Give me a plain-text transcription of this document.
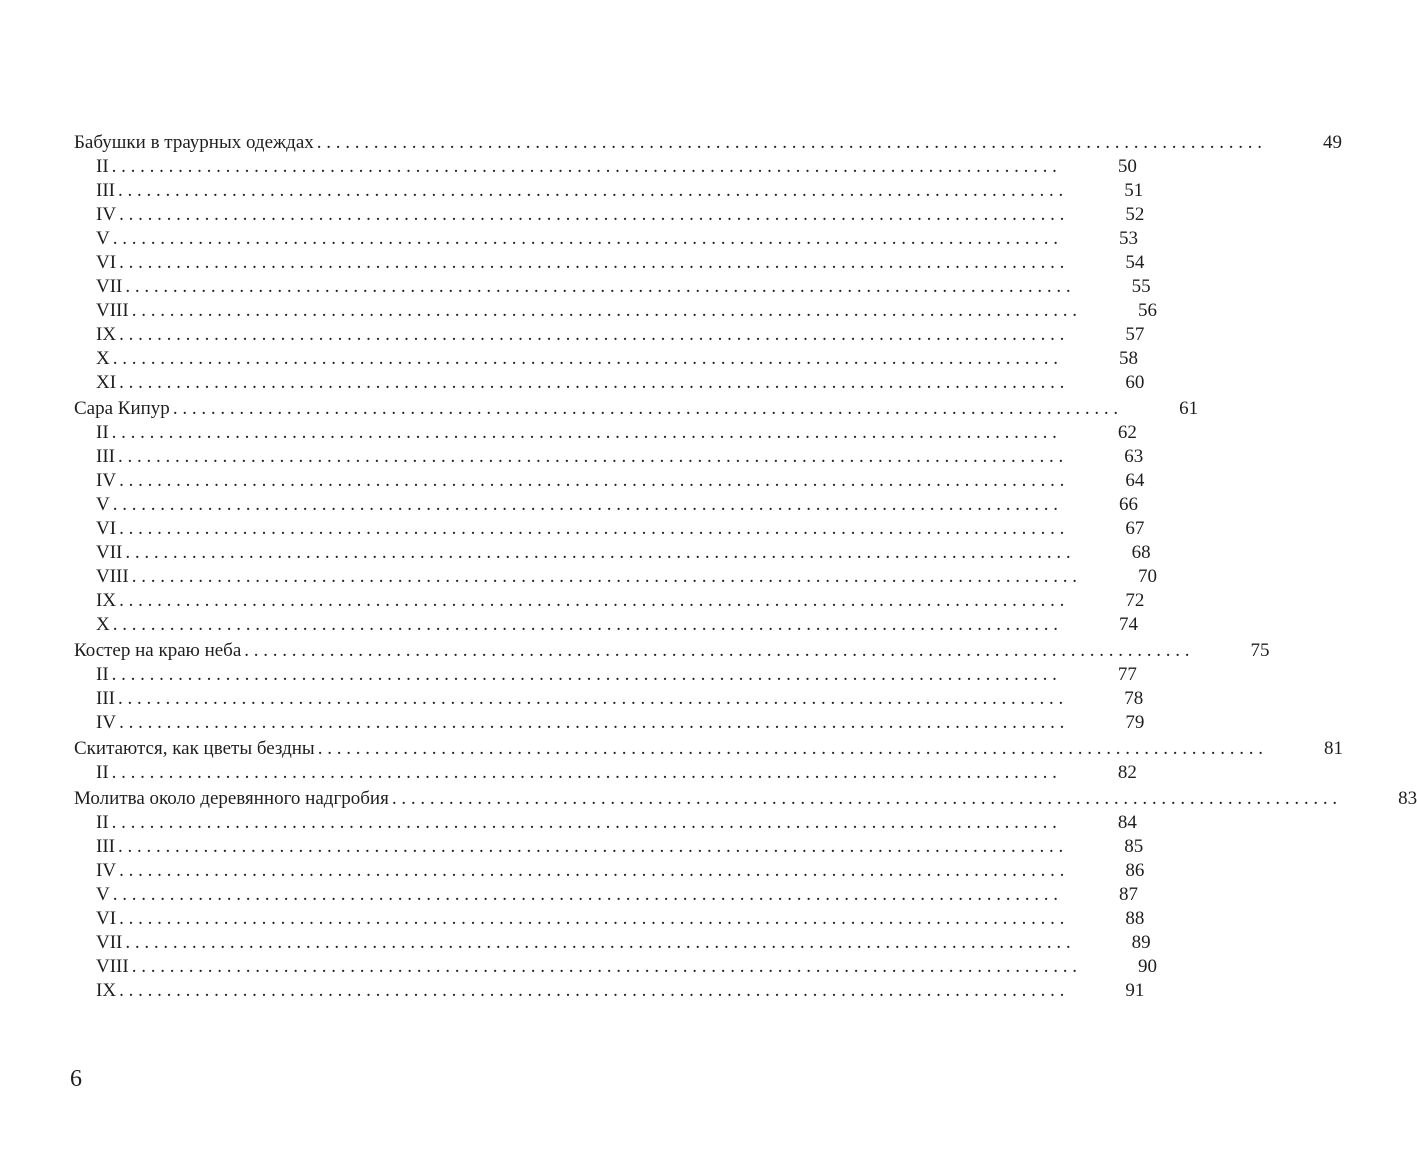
Бабушки в траурных одеждах . . . . . . . . . . . . . . . . . . . . . . . . . . . . . . . . . . . . . . . . . . . . . . . . . . . . . . . . . . . . . . . . . . . . . . . . . . . . . . . . . . . . . . . . . . . . . . . . . . . .	49
II . . . . . . . . . . . . . . . . . . . . . . . . . . . . . . . . . . . . . . . . . . . . . . . . . . . . . . . . . . . . . . . . . . . . . . . . . . . . . . . . . . . . . . . . . . . . . . . . . . . .	50
III . . . . . . . . . . . . . . . . . . . . . . . . . . . . . . . . . . . . . . . . . . . . . . . . . . . . . . . . . . . . . . . . . . . . . . . . . . . . . . . . . . . . . . . . . . . . . . . . . . . .	51
IV . . . . . . . . . . . . . . . . . . . . . . . . . . . . . . . . . . . . . . . . . . . . . . . . . . . . . . . . . . . . . . . . . . . . . . . . . . . . . . . . . . . . . . . . . . . . . . . . . . . .	52
V . . . . . . . . . . . . . . . . . . . . . . . . . . . . . . . . . . . . . . . . . . . . . . . . . . . . . . . . . . . . . . . . . . . . . . . . . . . . . . . . . . . . . . . . . . . . . . . . . . . .	53
VI . . . . . . . . . . . . . . . . . . . . . . . . . . . . . . . . . . . . . . . . . . . . . . . . . . . . . . . . . . . . . . . . . . . . . . . . . . . . . . . . . . . . . . . . . . . . . . . . . . . .	54
VII . . . . . . . . . . . . . . . . . . . . . . . . . . . . . . . . . . . . . . . . . . . . . . . . . . . . . . . . . . . . . . . . . . . . . . . . . . . . . . . . . . . . . . . . . . . . . . . . . . . .	55
VIII . . . . . . . . . . . . . . . . . . . . . . . . . . . . . . . . . . . . . . . . . . . . . . . . . . . . . . . . . . . . . . . . . . . . . . . . . . . . . . . . . . . . . . . . . . . . . . . . . . . .	56
IX . . . . . . . . . . . . . . . . . . . . . . . . . . . . . . . . . . . . . . . . . . . . . . . . . . . . . . . . . . . . . . . . . . . . . . . . . . . . . . . . . . . . . . . . . . . . . . . . . . . .	57
X . . . . . . . . . . . . . . . . . . . . . . . . . . . . . . . . . . . . . . . . . . . . . . . . . . . . . . . . . . . . . . . . . . . . . . . . . . . . . . . . . . . . . . . . . . . . . . . . . . . .	58
XI . . . . . . . . . . . . . . . . . . . . . . . . . . . . . . . . . . . . . . . . . . . . . . . . . . . . . . . . . . . . . . . . . . . . . . . . . . . . . . . . . . . . . . . . . . . . . . . . . . . .	60
Сара Кипур . . . . . . . . . . . . . . . . . . . . . . . . . . . . . . . . . . . . . . . . . . . . . . . . . . . . . . . . . . . . . . . . . . . . . . . . . . . . . . . . . . . . . . . . . . . . . . . . . . . .	61
II . . . . . . . . . . . . . . . . . . . . . . . . . . . . . . . . . . . . . . . . . . . . . . . . . . . . . . . . . . . . . . . . . . . . . . . . . . . . . . . . . . . . . . . . . . . . . . . . . . . .	62
III . . . . . . . . . . . . . . . . . . . . . . . . . . . . . . . . . . . . . . . . . . . . . . . . . . . . . . . . . . . . . . . . . . . . . . . . . . . . . . . . . . . . . . . . . . . . . . . . . . . .	63
IV . . . . . . . . . . . . . . . . . . . . . . . . . . . . . . . . . . . . . . . . . . . . . . . . . . . . . . . . . . . . . . . . . . . . . . . . . . . . . . . . . . . . . . . . . . . . . . . . . . . .	64
V . . . . . . . . . . . . . . . . . . . . . . . . . . . . . . . . . . . . . . . . . . . . . . . . . . . . . . . . . . . . . . . . . . . . . . . . . . . . . . . . . . . . . . . . . . . . . . . . . . . .	66
VI . . . . . . . . . . . . . . . . . . . . . . . . . . . . . . . . . . . . . . . . . . . . . . . . . . . . . . . . . . . . . . . . . . . . . . . . . . . . . . . . . . . . . . . . . . . . . . . . . . . .	67
VII . . . . . . . . . . . . . . . . . . . . . . . . . . . . . . . . . . . . . . . . . . . . . . . . . . . . . . . . . . . . . . . . . . . . . . . . . . . . . . . . . . . . . . . . . . . . . . . . . . . .	68
VIII . . . . . . . . . . . . . . . . . . . . . . . . . . . . . . . . . . . . . . . . . . . . . . . . . . . . . . . . . . . . . . . . . . . . . . . . . . . . . . . . . . . . . . . . . . . . . . . . . . . .	70
IX . . . . . . . . . . . . . . . . . . . . . . . . . . . . . . . . . . . . . . . . . . . . . . . . . . . . . . . . . . . . . . . . . . . . . . . . . . . . . . . . . . . . . . . . . . . . . . . . . . . .	72
X . . . . . . . . . . . . . . . . . . . . . . . . . . . . . . . . . . . . . . . . . . . . . . . . . . . . . . . . . . . . . . . . . . . . . . . . . . . . . . . . . . . . . . . . . . . . . . . . . . . .	74
Костер на краю неба . . . . . . . . . . . . . . . . . . . . . . . . . . . . . . . . . . . . . . . . . . . . . . . . . . . . . . . . . . . . . . . . . . . . . . . . . . . . . . . . . . . . . . . . . . . . . . . . . . . .	75
II . . . . . . . . . . . . . . . . . . . . . . . . . . . . . . . . . . . . . . . . . . . . . . . . . . . . . . . . . . . . . . . . . . . . . . . . . . . . . . . . . . . . . . . . . . . . . . . . . . . .	77
III . . . . . . . . . . . . . . . . . . . . . . . . . . . . . . . . . . . . . . . . . . . . . . . . . . . . . . . . . . . . . . . . . . . . . . . . . . . . . . . . . . . . . . . . . . . . . . . . . . . .	78
IV . . . . . . . . . . . . . . . . . . . . . . . . . . . . . . . . . . . . . . . . . . . . . . . . . . . . . . . . . . . . . . . . . . . . . . . . . . . . . . . . . . . . . . . . . . . . . . . . . . . .	79
Скитаются, как цветы бездны . . . . . . . . . . . . . . . . . . . . . . . . . . . . . . . . . . . . . . . . . . . . . . . . . . . . . . . . . . . . . . . . . . . . . . . . . . . . . . . . . . . . . . . . . . . . . . . . . . . .	81
II . . . . . . . . . . . . . . . . . . . . . . . . . . . . . . . . . . . . . . . . . . . . . . . . . . . . . . . . . . . . . . . . . . . . . . . . . . . . . . . . . . . . . . . . . . . . . . . . . . . .	82
Молитва около деревянного надгробия . . . . . . . . . . . . . . . . . . . . . . . . . . . . . . . . . . . . . . . . . . . . . . . . . . . . . . . . . . . . . . . . . . . . . . . . . . . . . . . . . . . . . . . . . . . . . . . . . . . .	83
II . . . . . . . . . . . . . . . . . . . . . . . . . . . . . . . . . . . . . . . . . . . . . . . . . . . . . . . . . . . . . . . . . . . . . . . . . . . . . . . . . . . . . . . . . . . . . . . . . . . .	84
III . . . . . . . . . . . . . . . . . . . . . . . . . . . . . . . . . . . . . . . . . . . . . . . . . . . . . . . . . . . . . . . . . . . . . . . . . . . . . . . . . . . . . . . . . . . . . . . . . . . .	85
IV . . . . . . . . . . . . . . . . . . . . . . . . . . . . . . . . . . . . . . . . . . . . . . . . . . . . . . . . . . . . . . . . . . . . . . . . . . . . . . . . . . . . . . . . . . . . . . . . . . . .	86
V . . . . . . . . . . . . . . . . . . . . . . . . . . . . . . . . . . . . . . . . . . . . . . . . . . . . . . . . . . . . . . . . . . . . . . . . . . . . . . . . . . . . . . . . . . . . . . . . . . . .	87
VI . . . . . . . . . . . . . . . . . . . . . . . . . . . . . . . . . . . . . . . . . . . . . . . . . . . . . . . . . . . . . . . . . . . . . . . . . . . . . . . . . . . . . . . . . . . . . . . . . . . .	88
VII . . . . . . . . . . . . . . . . . . . . . . . . . . . . . . . . . . . . . . . . . . . . . . . . . . . . . . . . . . . . . . . . . . . . . . . . . . . . . . . . . . . . . . . . . . . . . . . . . . . .	89
VIII . . . . . . . . . . . . . . . . . . . . . . . . . . . . . . . . . . . . . . . . . . . . . . . . . . . . . . . . . . . . . . . . . . . . . . . . . . . . . . . . . . . . . . . . . . . . . . . . . . . .	90
IX . . . . . . . . . . . . . . . . . . . . . . . . . . . . . . . . . . . . . . . . . . . . . . . . . . . . . . . . . . . . . . . . . . . . . . . . . . . . . . . . . . . . . . . . . . . . . . . . . . . .	91
6
